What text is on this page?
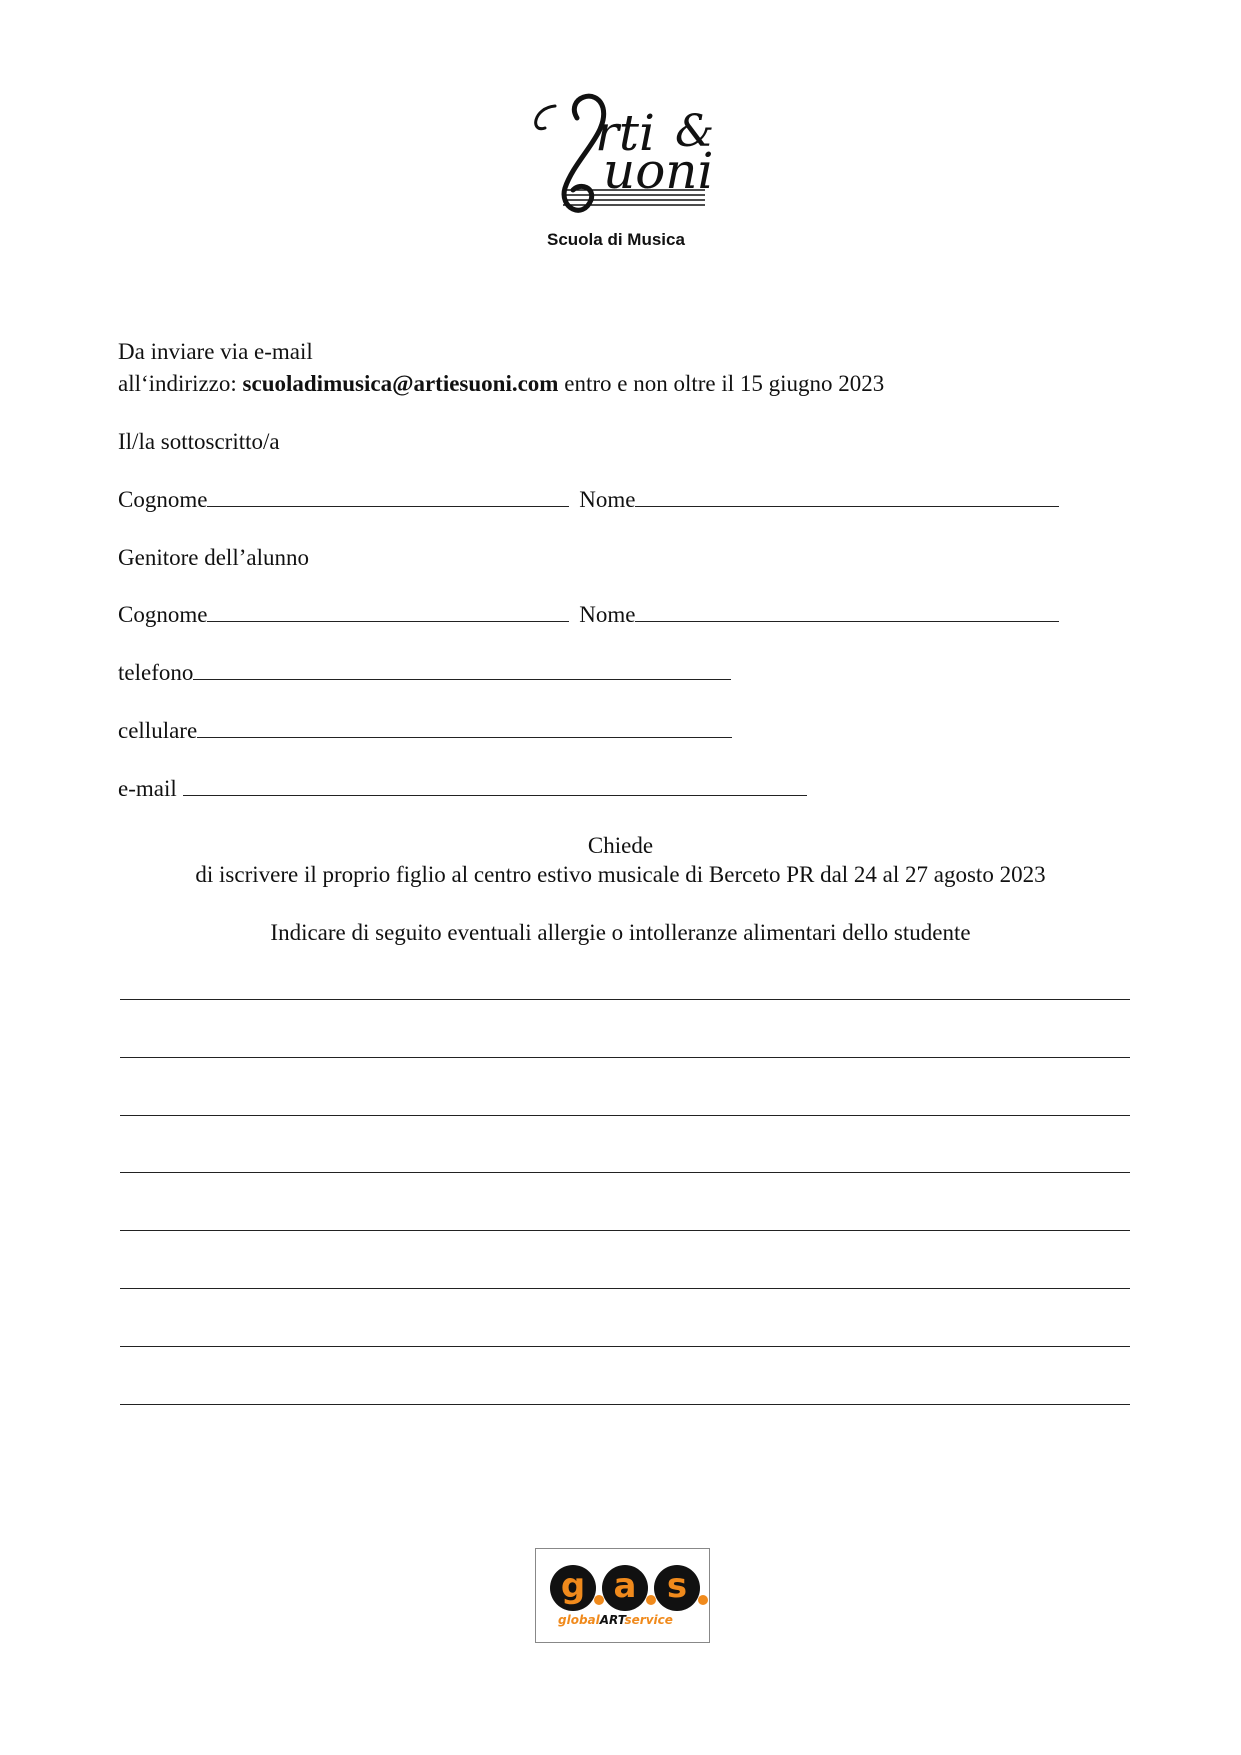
rti &
uoni
Scuola di Musica
Da inviare via e-mail
all‘indirizzo: scuoladimusica@artiesuoni.com entro e non oltre il 15 giugno 2023
Il/la sottoscritto/a
Cognome	Nome
Genitore dell’alunno
Cognome	Nome
telefono
cellulare
e-mail
Chiede
di iscrivere il proprio figlio al centro estivo musicale di Berceto PR dal 24 al 27 agosto 2023
Indicare di seguito eventuali allergie o intolleranze alimentari dello studente
g a s
globalARTservice
